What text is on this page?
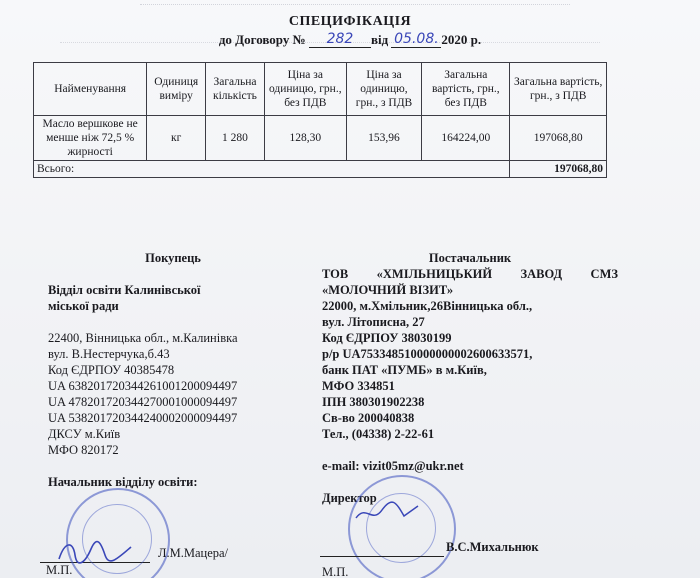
СПЕЦИФІКАЦІЯ
до Договору № 282 від 05.08. 2020 р.
Найменування	Одиниця виміру	Загальна кількість	Ціна за одиницю, грн., без ПДВ	Ціна за одиницю, грн., з ПДВ	Загальна вартість, грн., без ПДВ	Загальна вартість, грн., з ПДВ
Масло вершкове не менше ніж 72,5 % жирності	кг	1 280	128,30	153,96	164224,00	197068,80
Всього:						197068,80
Покупець
Відділ освіти Калинівської
міської ради
22400, Вінницька обл., м.Калинівка
вул. В.Нестерчука,б.43
Код ЄДРПОУ 40385478
UA 638201720344261001200094497
UA 478201720344270001000094497
UA 538201720344240002000094497
ДКСУ м.Київ
МФО 820172
Начальник відділу освіти:
Л.М.Мацера/
М.П.
Постачальник
ТОВ «ХМІЛЬНИЦЬКИЙ ЗАВОД СМЗ
«МОЛОЧНИЙ ВІЗИТ»
22000, м.Хмільник,26Вінницька обл.,
вул. Літописна, 27
Код ЄДРПОУ 38030199
р/р UA753348510000000002600633571,
банк ПАТ «ПУМБ» в м.Київ,
МФО 334851
ІПН 380301902238
Св-во 200040838
Тел., (04338) 2-22-61
e-mail: vizit05mz@ukr.net
Директор
В.С.Михальнюк
М.П.
